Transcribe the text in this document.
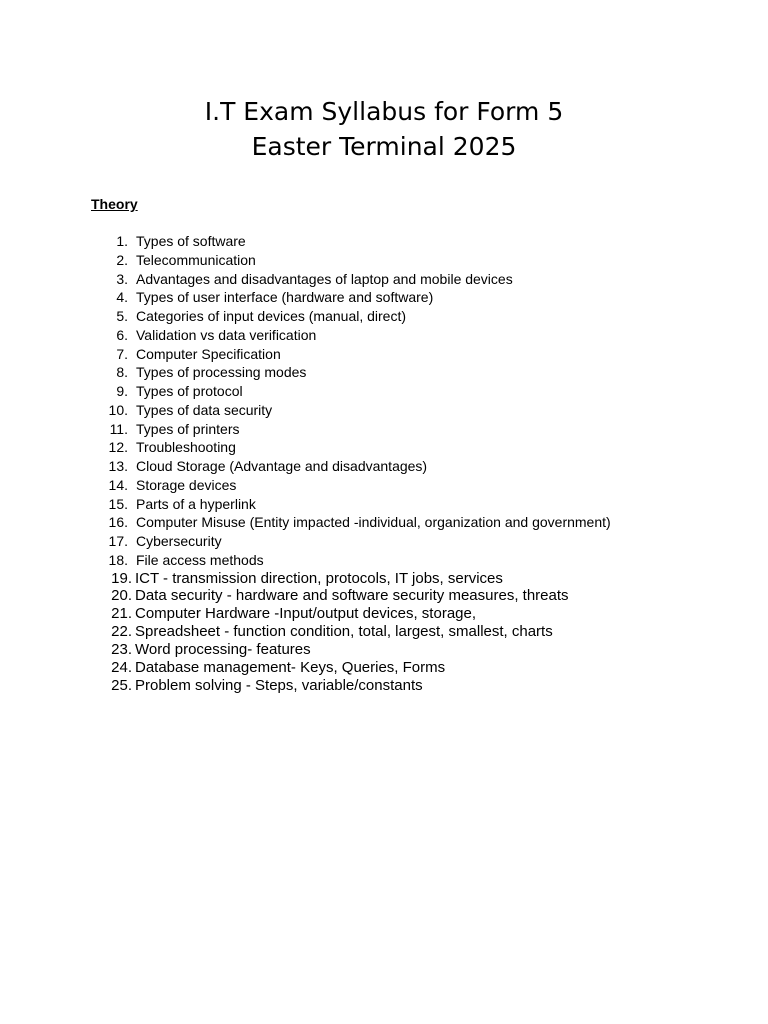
I.T Exam Syllabus for Form 5
Easter Terminal 2025
Theory
1. Types of software
2. Telecommunication
3. Advantages and disadvantages of laptop and mobile devices
4. Types of user interface (hardware and software)
5. Categories of input devices (manual, direct)
6. Validation vs data verification
7. Computer Specification
8. Types of processing modes
9. Types of protocol
10. Types of data security
11. Types of printers
12. Troubleshooting
13. Cloud Storage (Advantage and disadvantages)
14. Storage devices
15. Parts of a hyperlink
16. Computer Misuse (Entity impacted -individual, organization and government)
17. Cybersecurity
18. File access methods
19. ICT - transmission direction, protocols, IT jobs, services
20. Data security - hardware and software security measures, threats
21. Computer Hardware -Input/output devices, storage,
22. Spreadsheet - function condition, total, largest, smallest, charts
23. Word processing- features
24. Database management- Keys, Queries, Forms
25. Problem solving - Steps, variable/constants
